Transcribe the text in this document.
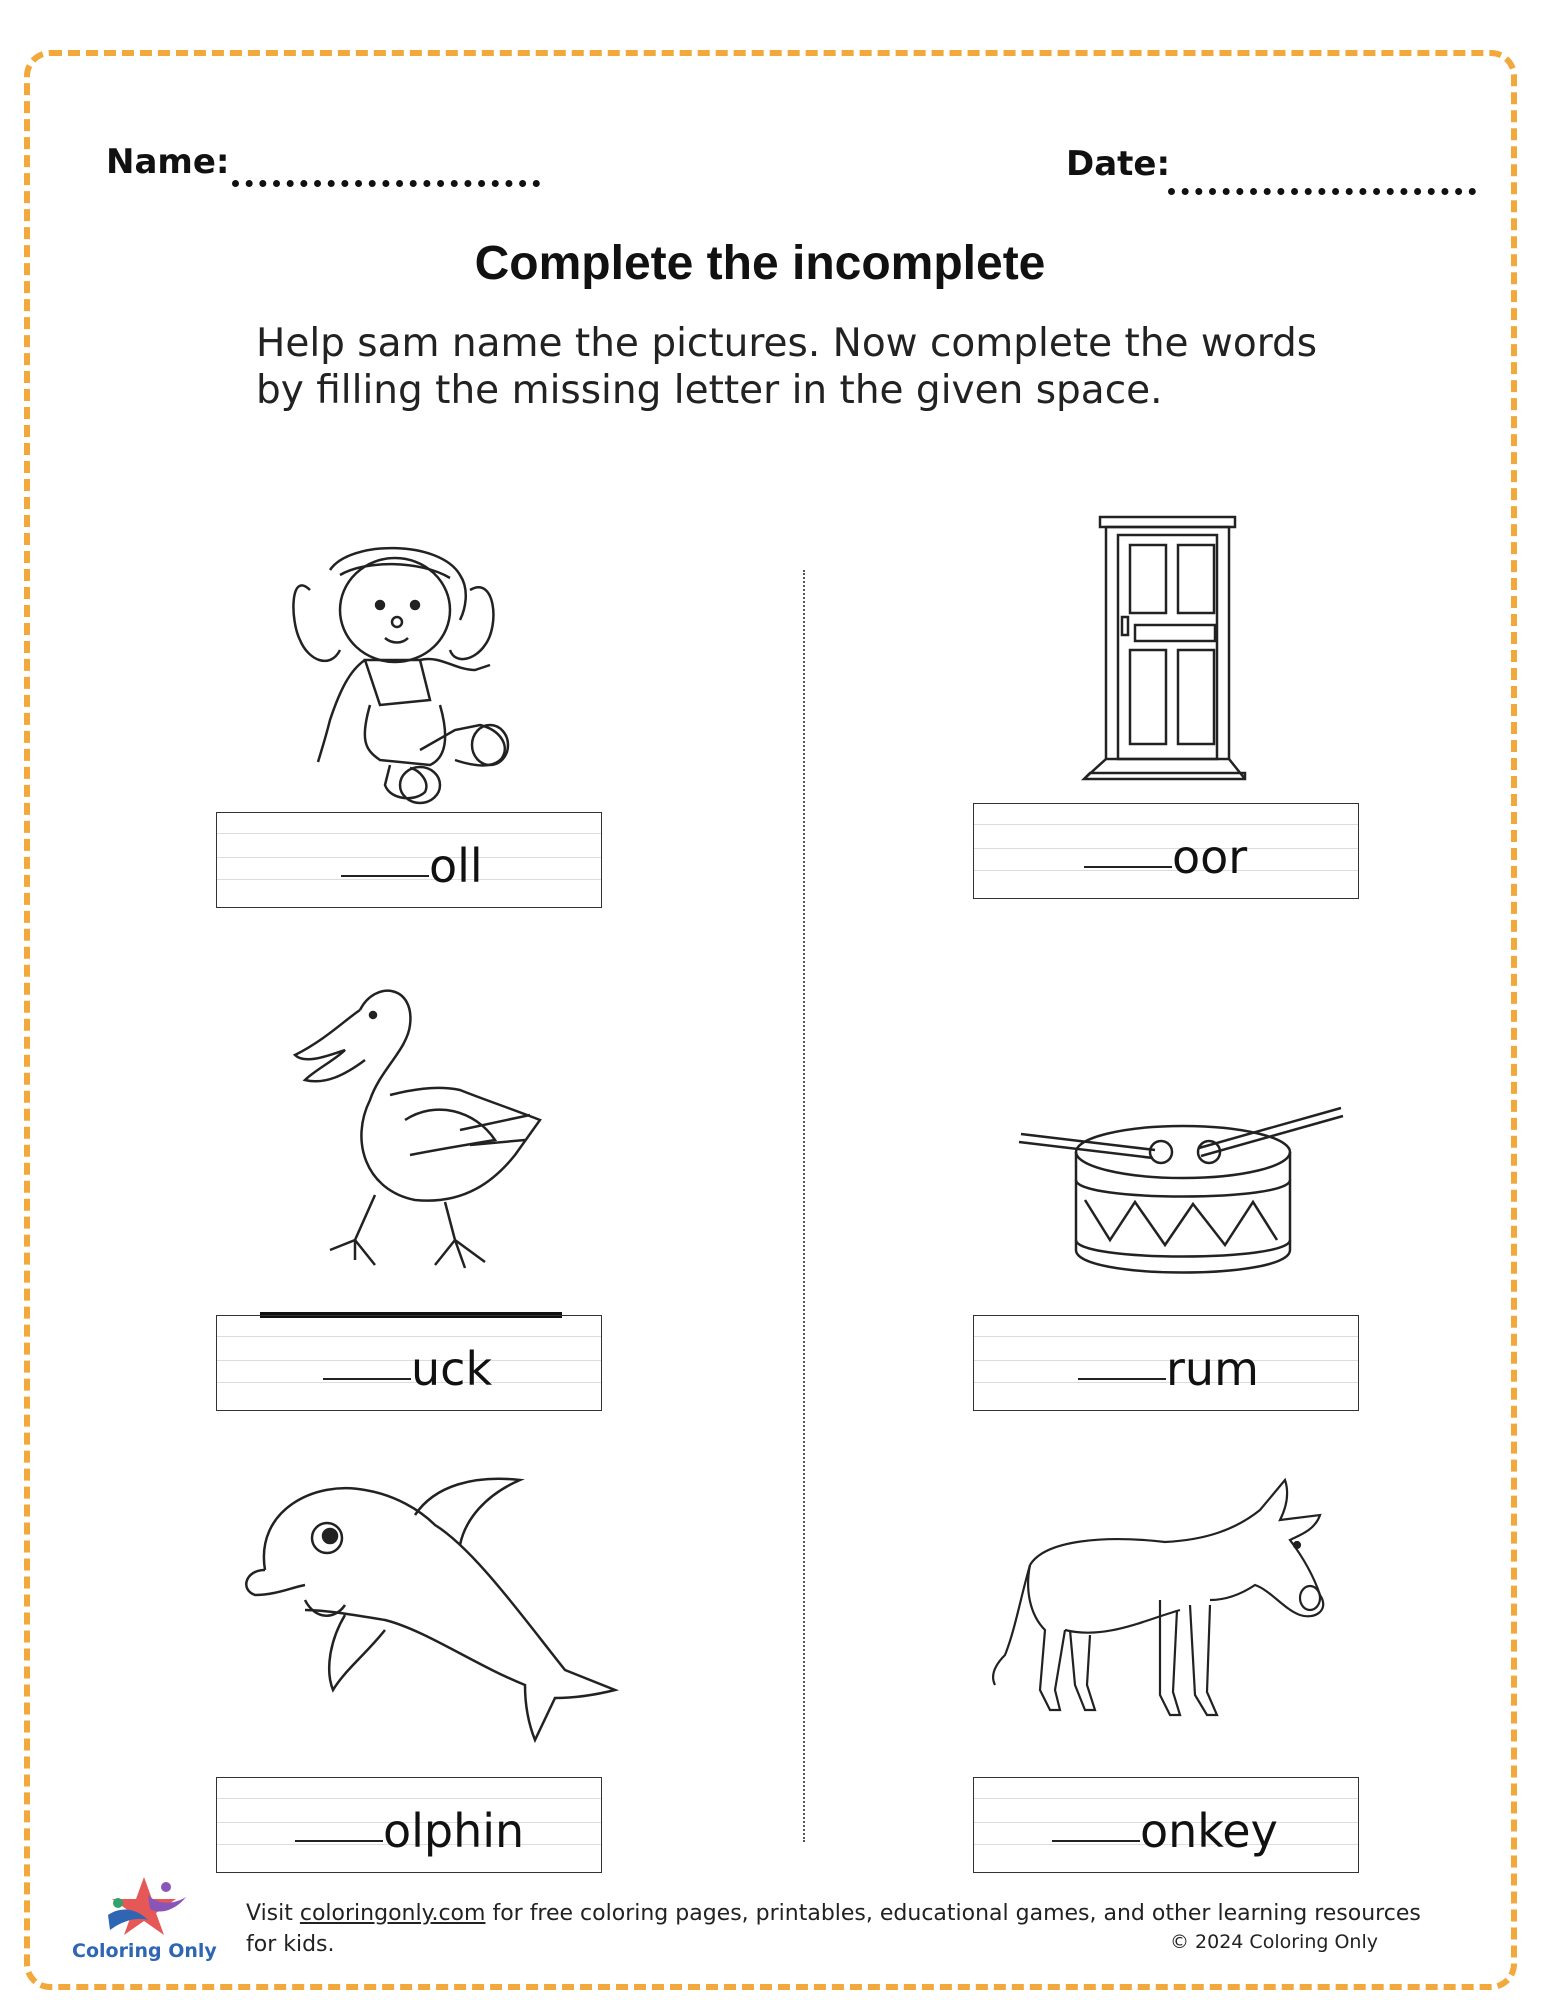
Name:	Date:
Complete the incomplete
Help sam name the pictures. Now complete the words by filling the missing letter in the given space.
oll	oor
uck	rum
olphin	onkey
Coloring Only
Visit coloringonly.com for free coloring pages, printables, educational games, and other learning resources for kids.	© 2024 Coloring Only
